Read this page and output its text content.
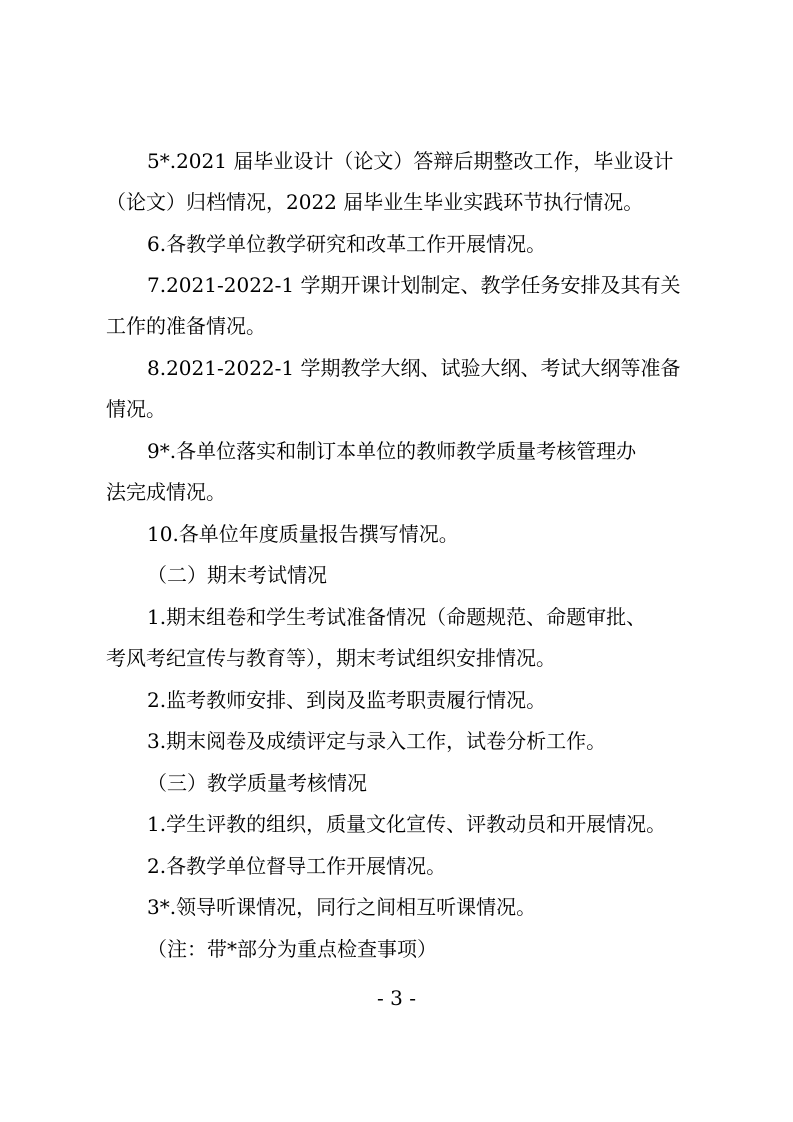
5*.2021 届毕业设计（论文）答辩后期整改工作，毕业设计
（论文）归档情况，2022 届毕业生毕业实践环节执行情况。
6.各教学单位教学研究和改革工作开展情况。
7.2021-2022-1 学期开课计划制定、教学任务安排及其有关
工作的准备情况。
8.2021-2022-1 学期教学大纲、试验大纲、考试大纲等准备
情况。
9*.各单位落实和制订本单位的教师教学质量考核管理办
法完成情况。
10.各单位年度质量报告撰写情况。
（二）期末考试情况
1.期末组卷和学生考试准备情况（命题规范、命题审批、
考风考纪宣传与教育等），期末考试组织安排情况。
2.监考教师安排、到岗及监考职责履行情况。
3.期末阅卷及成绩评定与录入工作，试卷分析工作。
（三）教学质量考核情况
1.学生评教的组织，质量文化宣传、评教动员和开展情况。
2.各教学单位督导工作开展情况。
3*.领导听课情况，同行之间相互听课情况。
（注：带*部分为重点检查事项）
- 3 -
